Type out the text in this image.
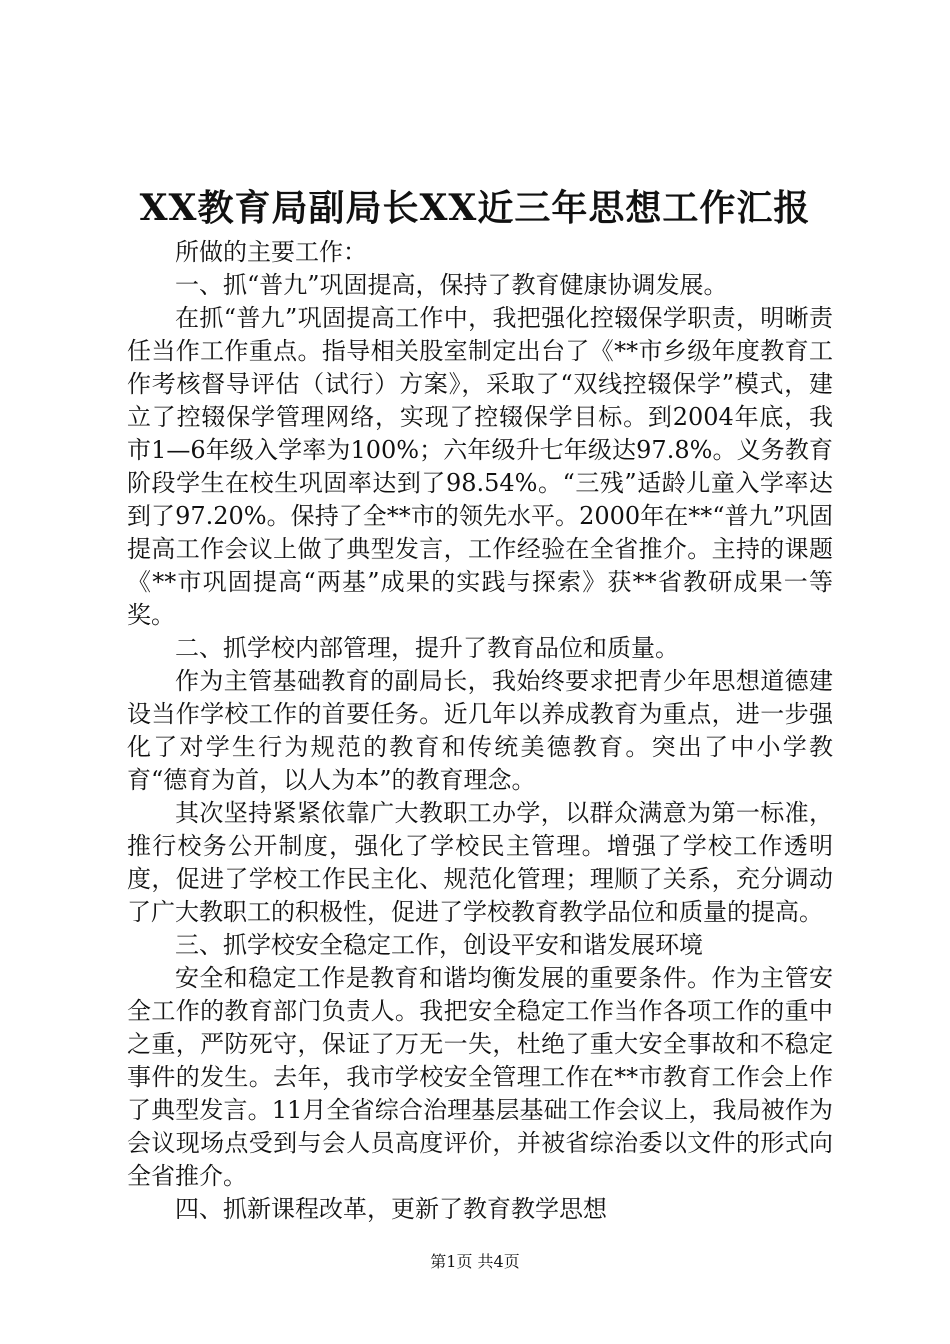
XX教育局副局长XX近三年思想工作汇报

所做的主要工作：

一、抓“普九”巩固提高，保持了教育健康协调发展。

在抓“普九”巩固提高工作中，我把强化控辍保学职责，明晰责任当作工作重点。指导相关股室制定出台了《**市乡级年度教育工作考核督导评估（试行）方案》，采取了“双线控辍保学”模式，建立了控辍保学管理网络，实现了控辍保学目标。到2004年底，我市1—6年级入学率为100%；六年级升七年级达97.8%。义务教育阶段学生在校生巩固率达到了98.54%。“三残”适龄儿童入学率达到了97.20%。保持了全**市的领先水平。2000年在**“普九”巩固提高工作会议上做了典型发言，工作经验在全省推介。主持的课题《**市巩固提高“两基”成果的实践与探索》获**省教研成果一等奖。

二、抓学校内部管理，提升了教育品位和质量。

作为主管基础教育的副局长，我始终要求把青少年思想道德建设当作学校工作的首要任务。近几年以养成教育为重点，进一步强化了对学生行为规范的教育和传统美德教育。突出了中小学教育“德育为首，以人为本”的教育理念。

其次坚持紧紧依靠广大教职工办学，以群众满意为第一标准，推行校务公开制度，强化了学校民主管理。增强了学校工作透明度，促进了学校工作民主化、规范化管理；理顺了关系，充分调动了广大教职工的积极性，促进了学校教育教学品位和质量的提高。

三、抓学校安全稳定工作，创设平安和谐发展环境

安全和稳定工作是教育和谐均衡发展的重要条件。作为主管安全工作的教育部门负责人。我把安全稳定工作当作各项工作的重中之重，严防死守，保证了万无一失，杜绝了重大安全事故和不稳定事件的发生。去年，我市学校安全管理工作在**市教育工作会上作了典型发言。11月全省综合治理基层基础工作会议上，我局被作为会议现场点受到与会人员高度评价，并被省综治委以文件的形式向全省推介。

四、抓新课程改革，更新了教育教学思想

第1页 共4页
